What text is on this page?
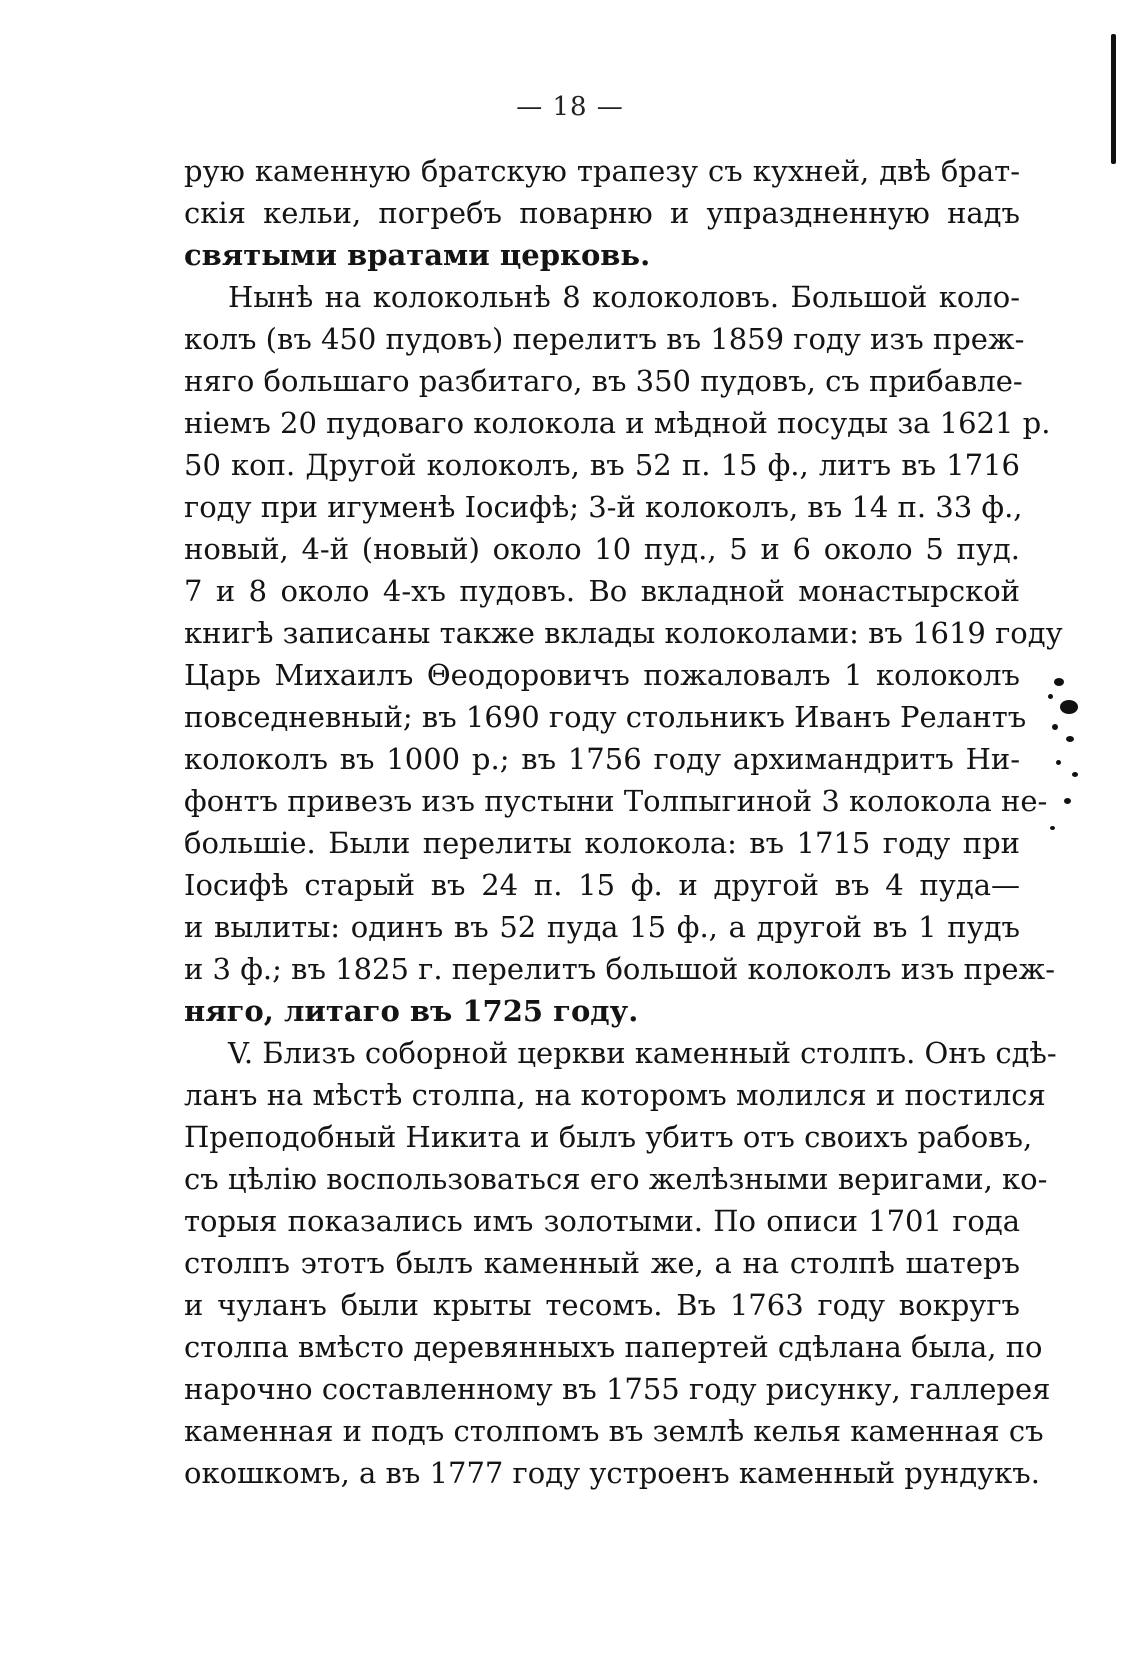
— 18 —
рую каменную братскую трапезу съ кухней, двѣ брат-
скія кельи, погребъ поварню и упраздненную надъ
святыми вратами церковь.
Нынѣ на колокольнѣ 8 колоколовъ. Большой коло-
колъ (въ 450 пудовъ) перелитъ въ 1859 году изъ преж-
няго большаго разбитаго, въ 350 пудовъ, съ прибавле-
ніемъ 20 пудоваго колокола и мѣдной посуды за 1621 р.
50 коп. Другой колоколъ, въ 52 п. 15 ф., литъ въ 1716
году при игуменѣ Іосифѣ; 3-й колоколъ, въ 14 п. 33 ф.,
новый, 4-й (новый) около 10 пуд., 5 и 6 около 5 пуд.
7 и 8 около 4-хъ пудовъ. Во вкладной монастырской
книгѣ записаны также вклады колоколами: въ 1619 году
Царь Михаилъ Θеодоровичъ пожаловалъ 1 колоколъ
повседневный; въ 1690 году стольникъ Иванъ Релантъ
колоколъ въ 1000 р.; въ 1756 году архимандритъ Ни-
фонтъ привезъ изъ пустыни Толпыгиной 3 колокола не-
большіе. Были перелиты колокола: въ 1715 году при
Іосифѣ старый въ 24 п. 15 ф. и другой въ 4 пуда—
и вылиты: одинъ въ 52 пуда 15 ф., а другой въ 1 пудъ
и 3 ф.; въ 1825 г. перелитъ большой колоколъ изъ преж-
няго, литаго въ 1725 году.
V. Близъ соборной церкви каменный столпъ. Онъ сдѣ-
ланъ на мѣстѣ столпа, на которомъ молился и постился
Преподобный Никита и былъ убитъ отъ своихъ рабовъ,
съ цѣлію воспользоваться его желѣзными веригами, ко-
торыя показались имъ золотыми. По описи 1701 года
столпъ этотъ былъ каменный же, а на столпѣ шатеръ
и чуланъ были крыты тесомъ. Въ 1763 году вокругъ
столпа вмѣсто деревянныхъ папертей сдѣлана была, по
нарочно составленному въ 1755 году рисунку, галлерея
каменная и подъ столпомъ въ землѣ келья каменная съ
окошкомъ, а въ 1777 году устроенъ каменный рундукъ.
